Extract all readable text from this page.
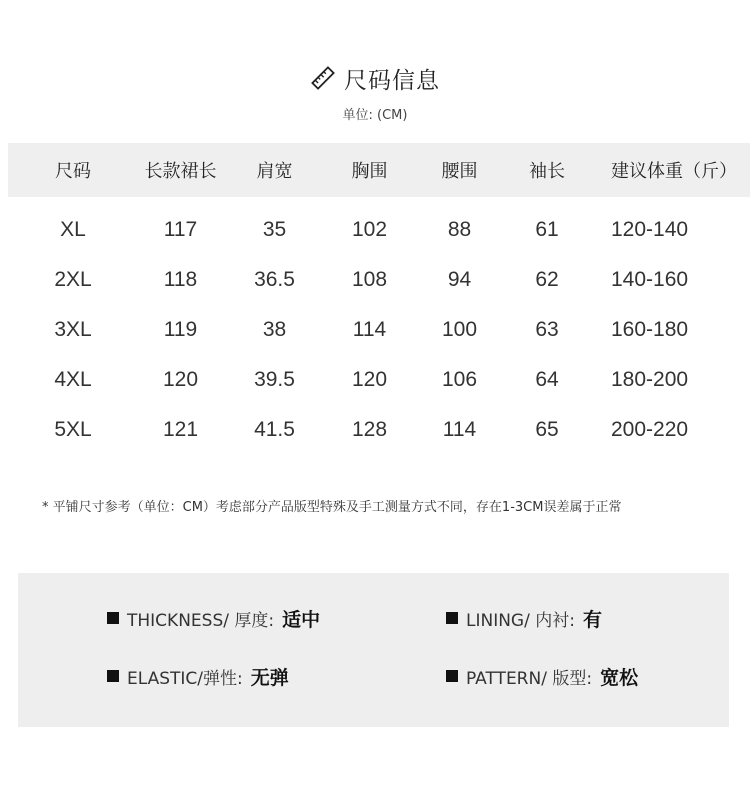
尺码信息
单位: (CM)
尺码	长款裙长	肩宽	胸围	腰围	袖长	建议体重（斤）
XL	117	35	102	88	61	120-140
2XL	118	36.5	108	94	62	140-160
3XL	119	38	114	100	63	160-180
4XL	120	39.5	120	106	64	180-200
5XL	121	41.5	128	114	65	200-220
* 平铺尺寸参考（单位：CM）考虑部分产品版型特殊及手工测量方式不同，存在1-3CM误差属于正常
THICKNESS/ 厚度: 适中	LINING/ 内衬: 有
ELASTIC/弹性: 无弹	PATTERN/ 版型: 宽松
